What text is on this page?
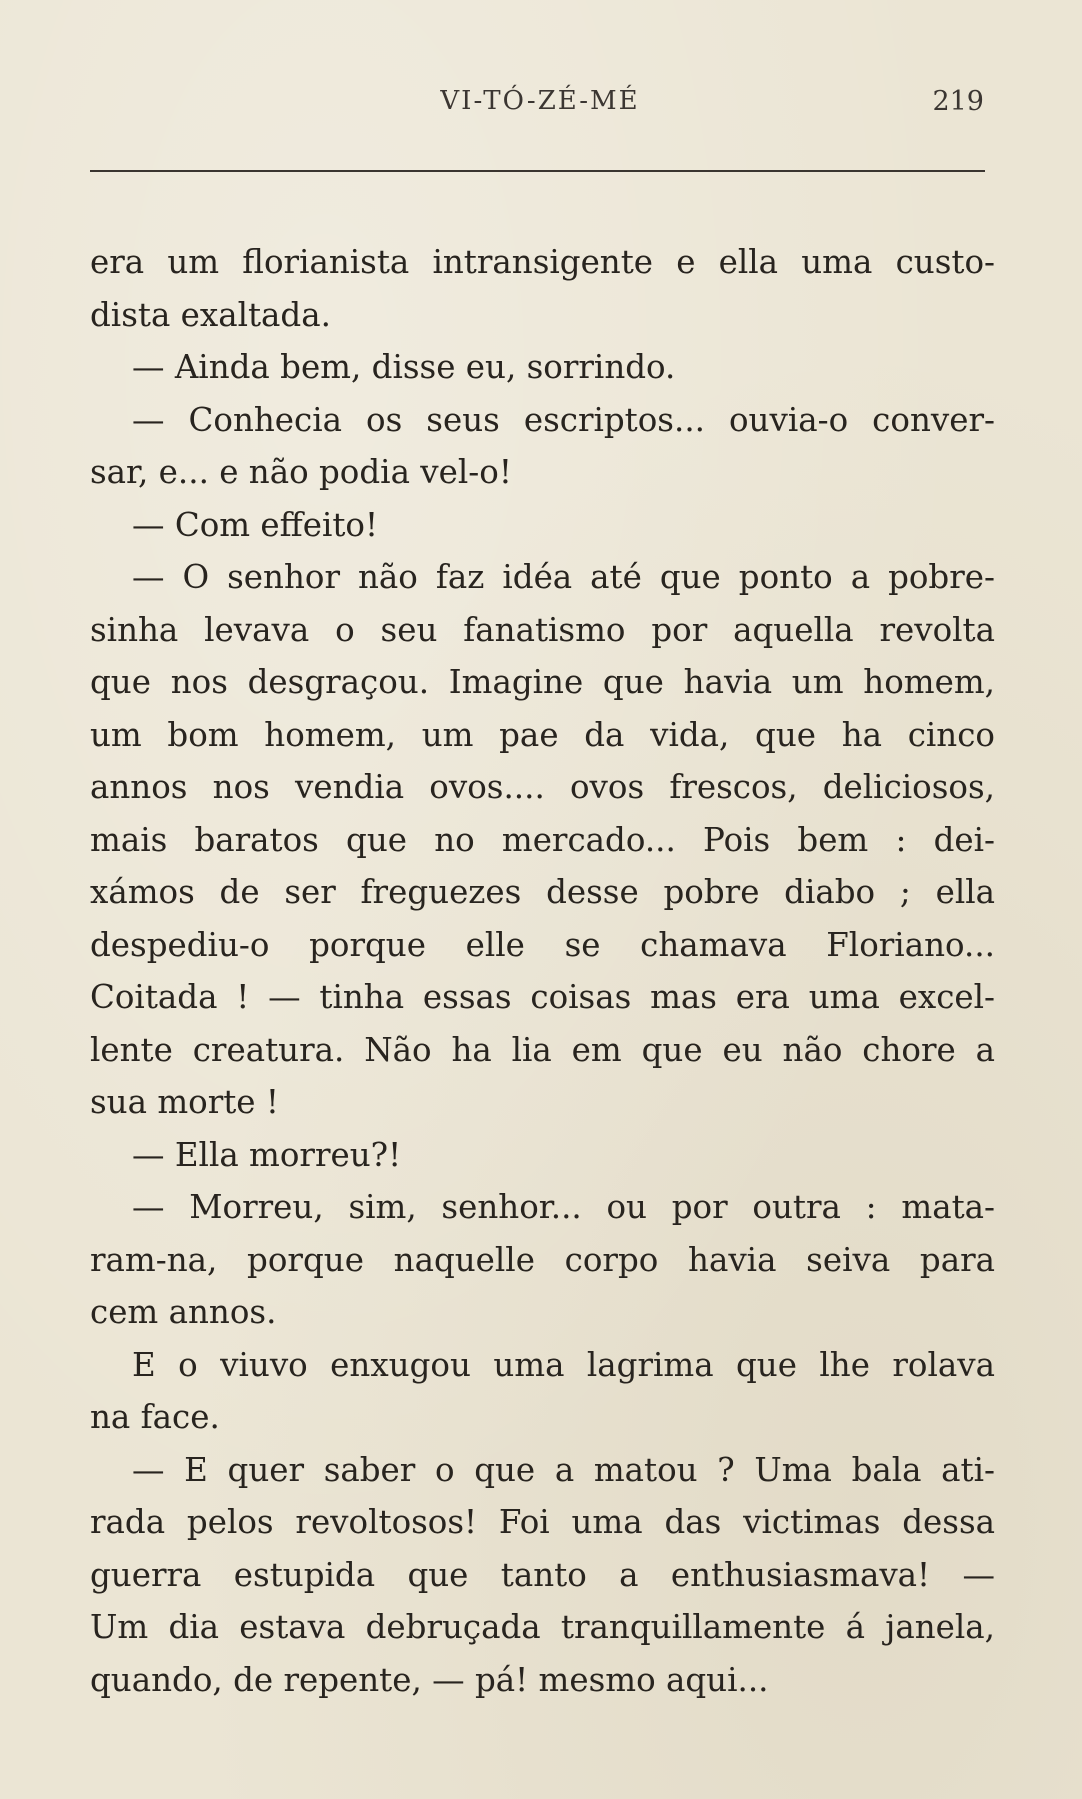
VI-TÓ-ZÉ-MÉ	219
era um florianista intransigente e ella uma custo-
dista exaltada.
— Ainda bem, disse eu, sorrindo.
— Conhecia os seus escriptos... ouvia-o conver-
sar, e... e não podia vel-o!
— Com effeito!
— O senhor não faz idéa até que ponto a pobre-
sinha levava o seu fanatismo por aquella revolta
que nos desgraçou. Imagine que havia um homem,
um bom homem, um pae da vida, que ha cinco
annos nos vendia ovos.... ovos frescos, deliciosos,
mais baratos que no mercado... Pois bem : dei-
xámos de ser freguezes desse pobre diabo ; ella
despediu-o porque elle se chamava Floriano...
Coitada ! — tinha essas coisas mas era uma excel-
lente creatura. Não ha lia em que eu não chore a
sua morte !
— Ella morreu?!
— Morreu, sim, senhor... ou por outra : mata-
ram-na, porque naquelle corpo havia seiva para
cem annos.
E o viuvo enxugou uma lagrima que lhe rolava
na face.
— E quer saber o que a matou ? Uma bala ati-
rada pelos revoltosos! Foi uma das victimas dessa
guerra estupida que tanto a enthusiasmava! —
Um dia estava debruçada tranquillamente á janela,
quando, de repente, — pá! mesmo aqui...
